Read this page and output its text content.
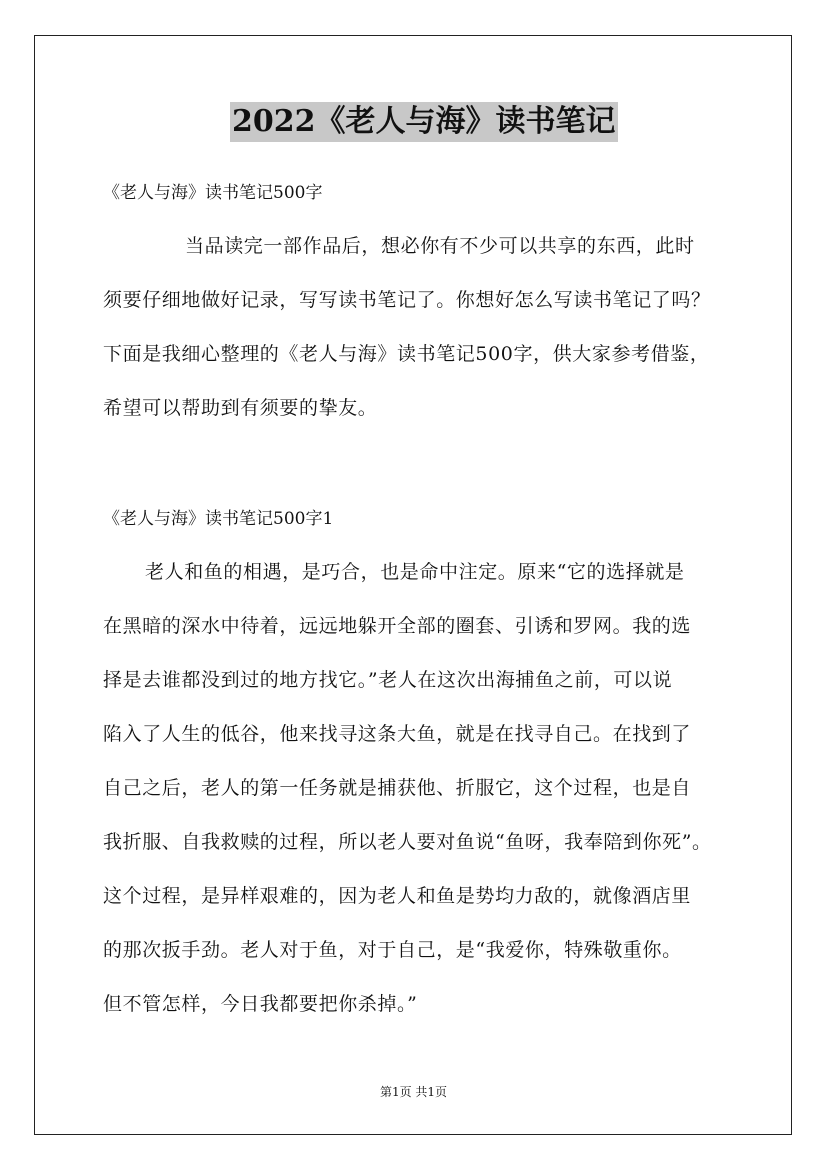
2022《老人与海》读书笔记
《老人与海》读书笔记500字
当品读完一部作品后，想必你有不少可以共享的东西，此时
须要仔细地做好记录，写写读书笔记了。你想好怎么写读书笔记了吗？
下面是我细心整理的《老人与海》读书笔记500字，供大家参考借鉴，
希望可以帮助到有须要的挚友。
《老人与海》读书笔记500字1
老人和鱼的相遇，是巧合，也是命中注定。原来“它的选择就是
在黑暗的深水中待着，远远地躲开全部的圈套、引诱和罗网。我的选
择是去谁都没到过的地方找它。”老人在这次出海捕鱼之前，可以说
陷入了人生的低谷，他来找寻这条大鱼，就是在找寻自己。在找到了
自己之后，老人的第一任务就是捕获他、折服它，这个过程，也是自
我折服、自我救赎的过程，所以老人要对鱼说“鱼呀，我奉陪到你死”。
这个过程，是异样艰难的，因为老人和鱼是势均力敌的，就像酒店里
的那次扳手劲。老人对于鱼，对于自己，是“我爱你，特殊敬重你。
但不管怎样，今日我都要把你杀掉。”
第1页 共1页
